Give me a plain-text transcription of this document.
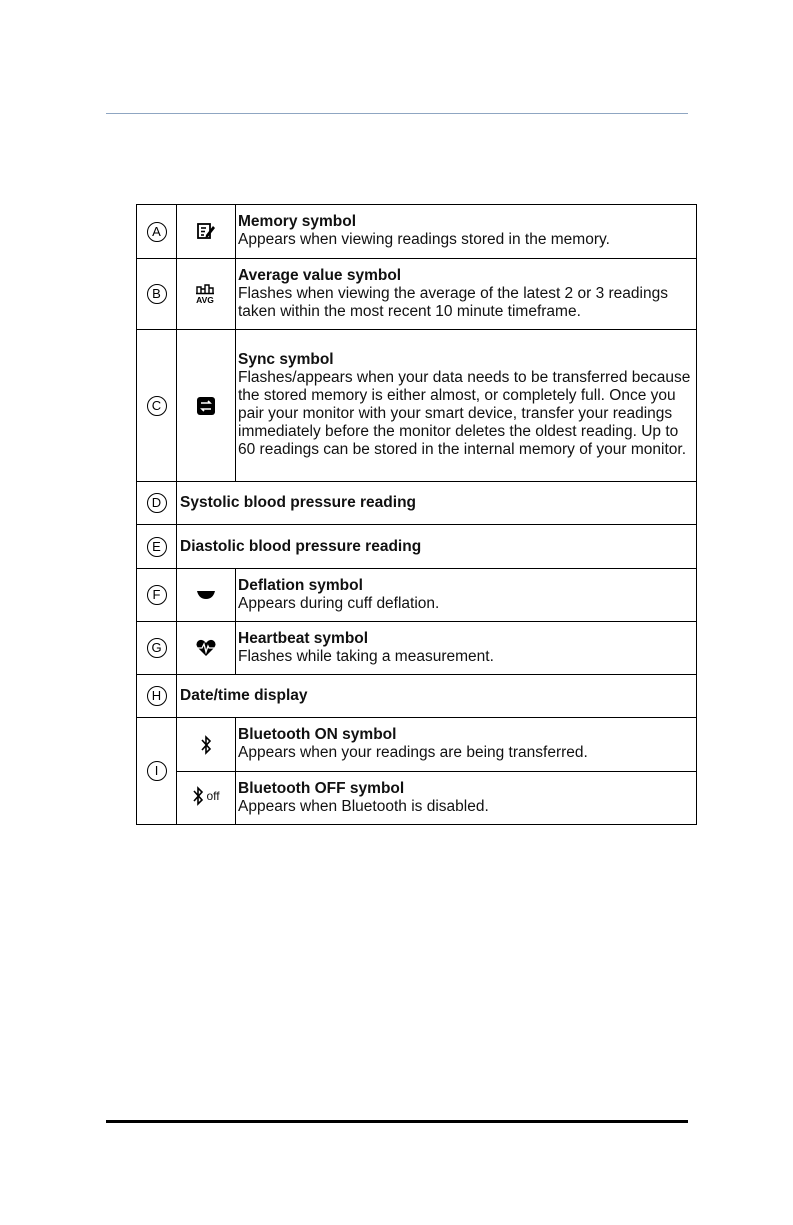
A		Memory symbol
Appears when viewing readings stored in the memory.

B	AVG	Average value symbol
Flashes when viewing the average of the latest 2 or 3 readings taken within the most recent 10 minute timeframe.

C		Sync symbol
Flashes/appears when your data needs to be transferred because the stored memory is either almost, or completely full. Once you pair your monitor with your smart device, transfer your readings immediately before the monitor deletes the oldest reading. Up to 60 readings can be stored in the internal memory of your monitor.

D	Systolic blood pressure reading	

E	Diastolic blood pressure reading	

F		Deflation symbol
Appears during cuff deflation.

G		Heartbeat symbol
Flashes while taking a measurement.

H	Date/time display	

I		Bluetooth ON symbol
Appears when your readings are being transferred.

	off	Bluetooth OFF symbol
Appears when Bluetooth is disabled.
